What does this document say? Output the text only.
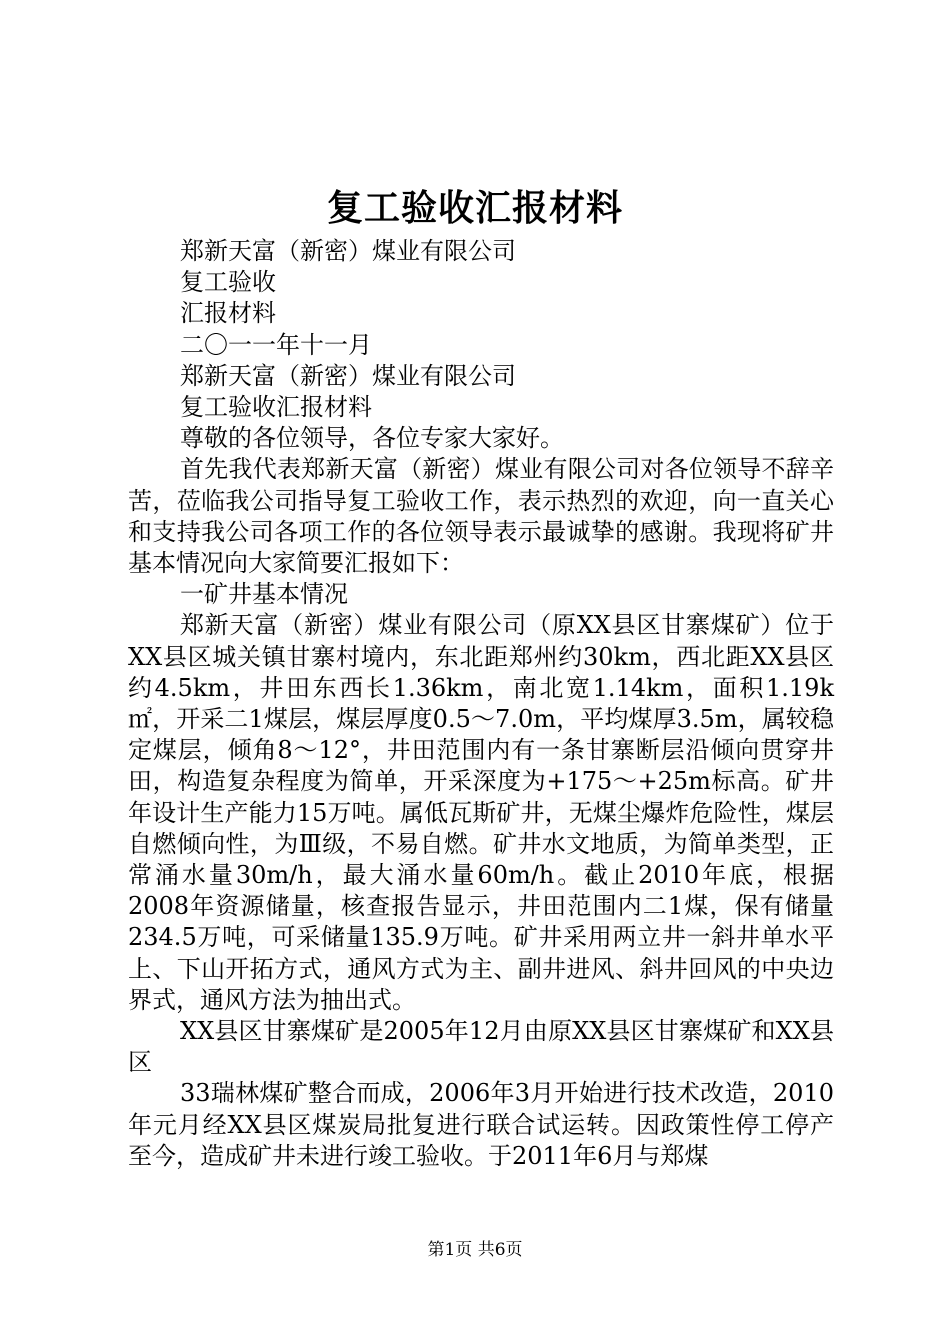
复工验收汇报材料
郑新天富（新密）煤业有限公司
复工验收
汇报材料
二〇一一年十一月
郑新天富（新密）煤业有限公司
复工验收汇报材料
尊敬的各位领导，各位专家大家好。
首先我代表郑新天富（新密）煤业有限公司对各位领导不辞辛苦，莅临我公司指导复工验收工作，表示热烈的欢迎，向一直关心和支持我公司各项工作的各位领导表示最诚挚的感谢。我现将矿井基本情况向大家简要汇报如下：
一矿井基本情况
郑新天富（新密）煤业有限公司（原XX县区甘寨煤矿）位于XX县区城关镇甘寨村境内，东北距郑州约30km，西北距XX县区约4.5km，井田东西长1.36km，南北宽1.14km，面积1.19k㎡，开采二1煤层，煤层厚度0.5～7.0m，平均煤厚3.5m，属较稳定煤层，倾角8～12°，井田范围内有一条甘寨断层沿倾向贯穿井田，构造复杂程度为简单，开采深度为+175～+25m标高。矿井年设计生产能力15万吨。属低瓦斯矿井，无煤尘爆炸危险性，煤层自燃倾向性，为Ⅲ级，不易自燃。矿井水文地质，为简单类型，正常涌水量30m/h，最大涌水量60m/h。截止2010年底，根据2008年资源储量，核查报告显示，井田范围内二1煤，保有储量234.5万吨，可采储量135.9万吨。矿井采用两立井一斜井单水平上、下山开拓方式，通风方式为主、副井进风、斜井回风的中央边界式，通风方法为抽出式。
XX县区甘寨煤矿是2005年12月由原XX县区甘寨煤矿和XX县区
33瑞林煤矿整合而成，2006年3月开始进行技术改造，2010年元月经XX县区煤炭局批复进行联合试运转。因政策性停工停产至今，造成矿井未进行竣工验收。于2011年6月与郑煤
第1页 共6页
